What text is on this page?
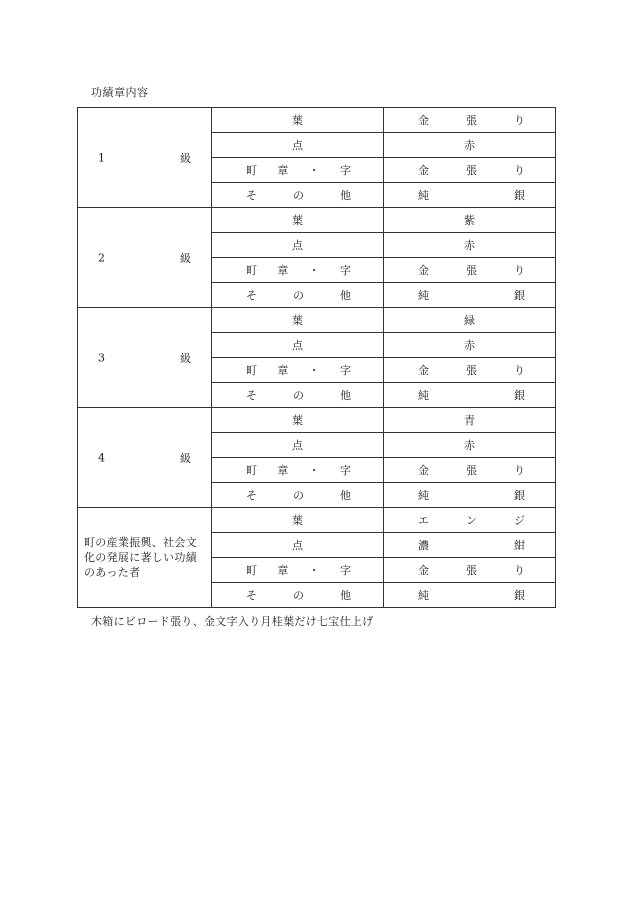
功績章内容
1 級	葉	金 張 り

	点	赤

	町 章 ・ 字	金 張 り

	そ の 他	純 銀

2 級	葉	紫

	点	赤

	町 章 ・ 字	金 張 り

	そ の 他	純 銀

3 級	葉	緑

	点	赤

	町 章 ・ 字	金 張 り

	そ の 他	純 銀

4 級	葉	青

	点	赤

	町 章 ・ 字	金 張 り

	そ の 他	純 銀

町の産業振興、社会文
化の発展に著しい功績
のあった者	葉	エ ン ジ

	点	濃 紺

	町 章 ・ 字	金 張 り

	そ の 他	純 銀
木箱にビロード張り、金文字入り月桂葉だけ七宝仕上げ
